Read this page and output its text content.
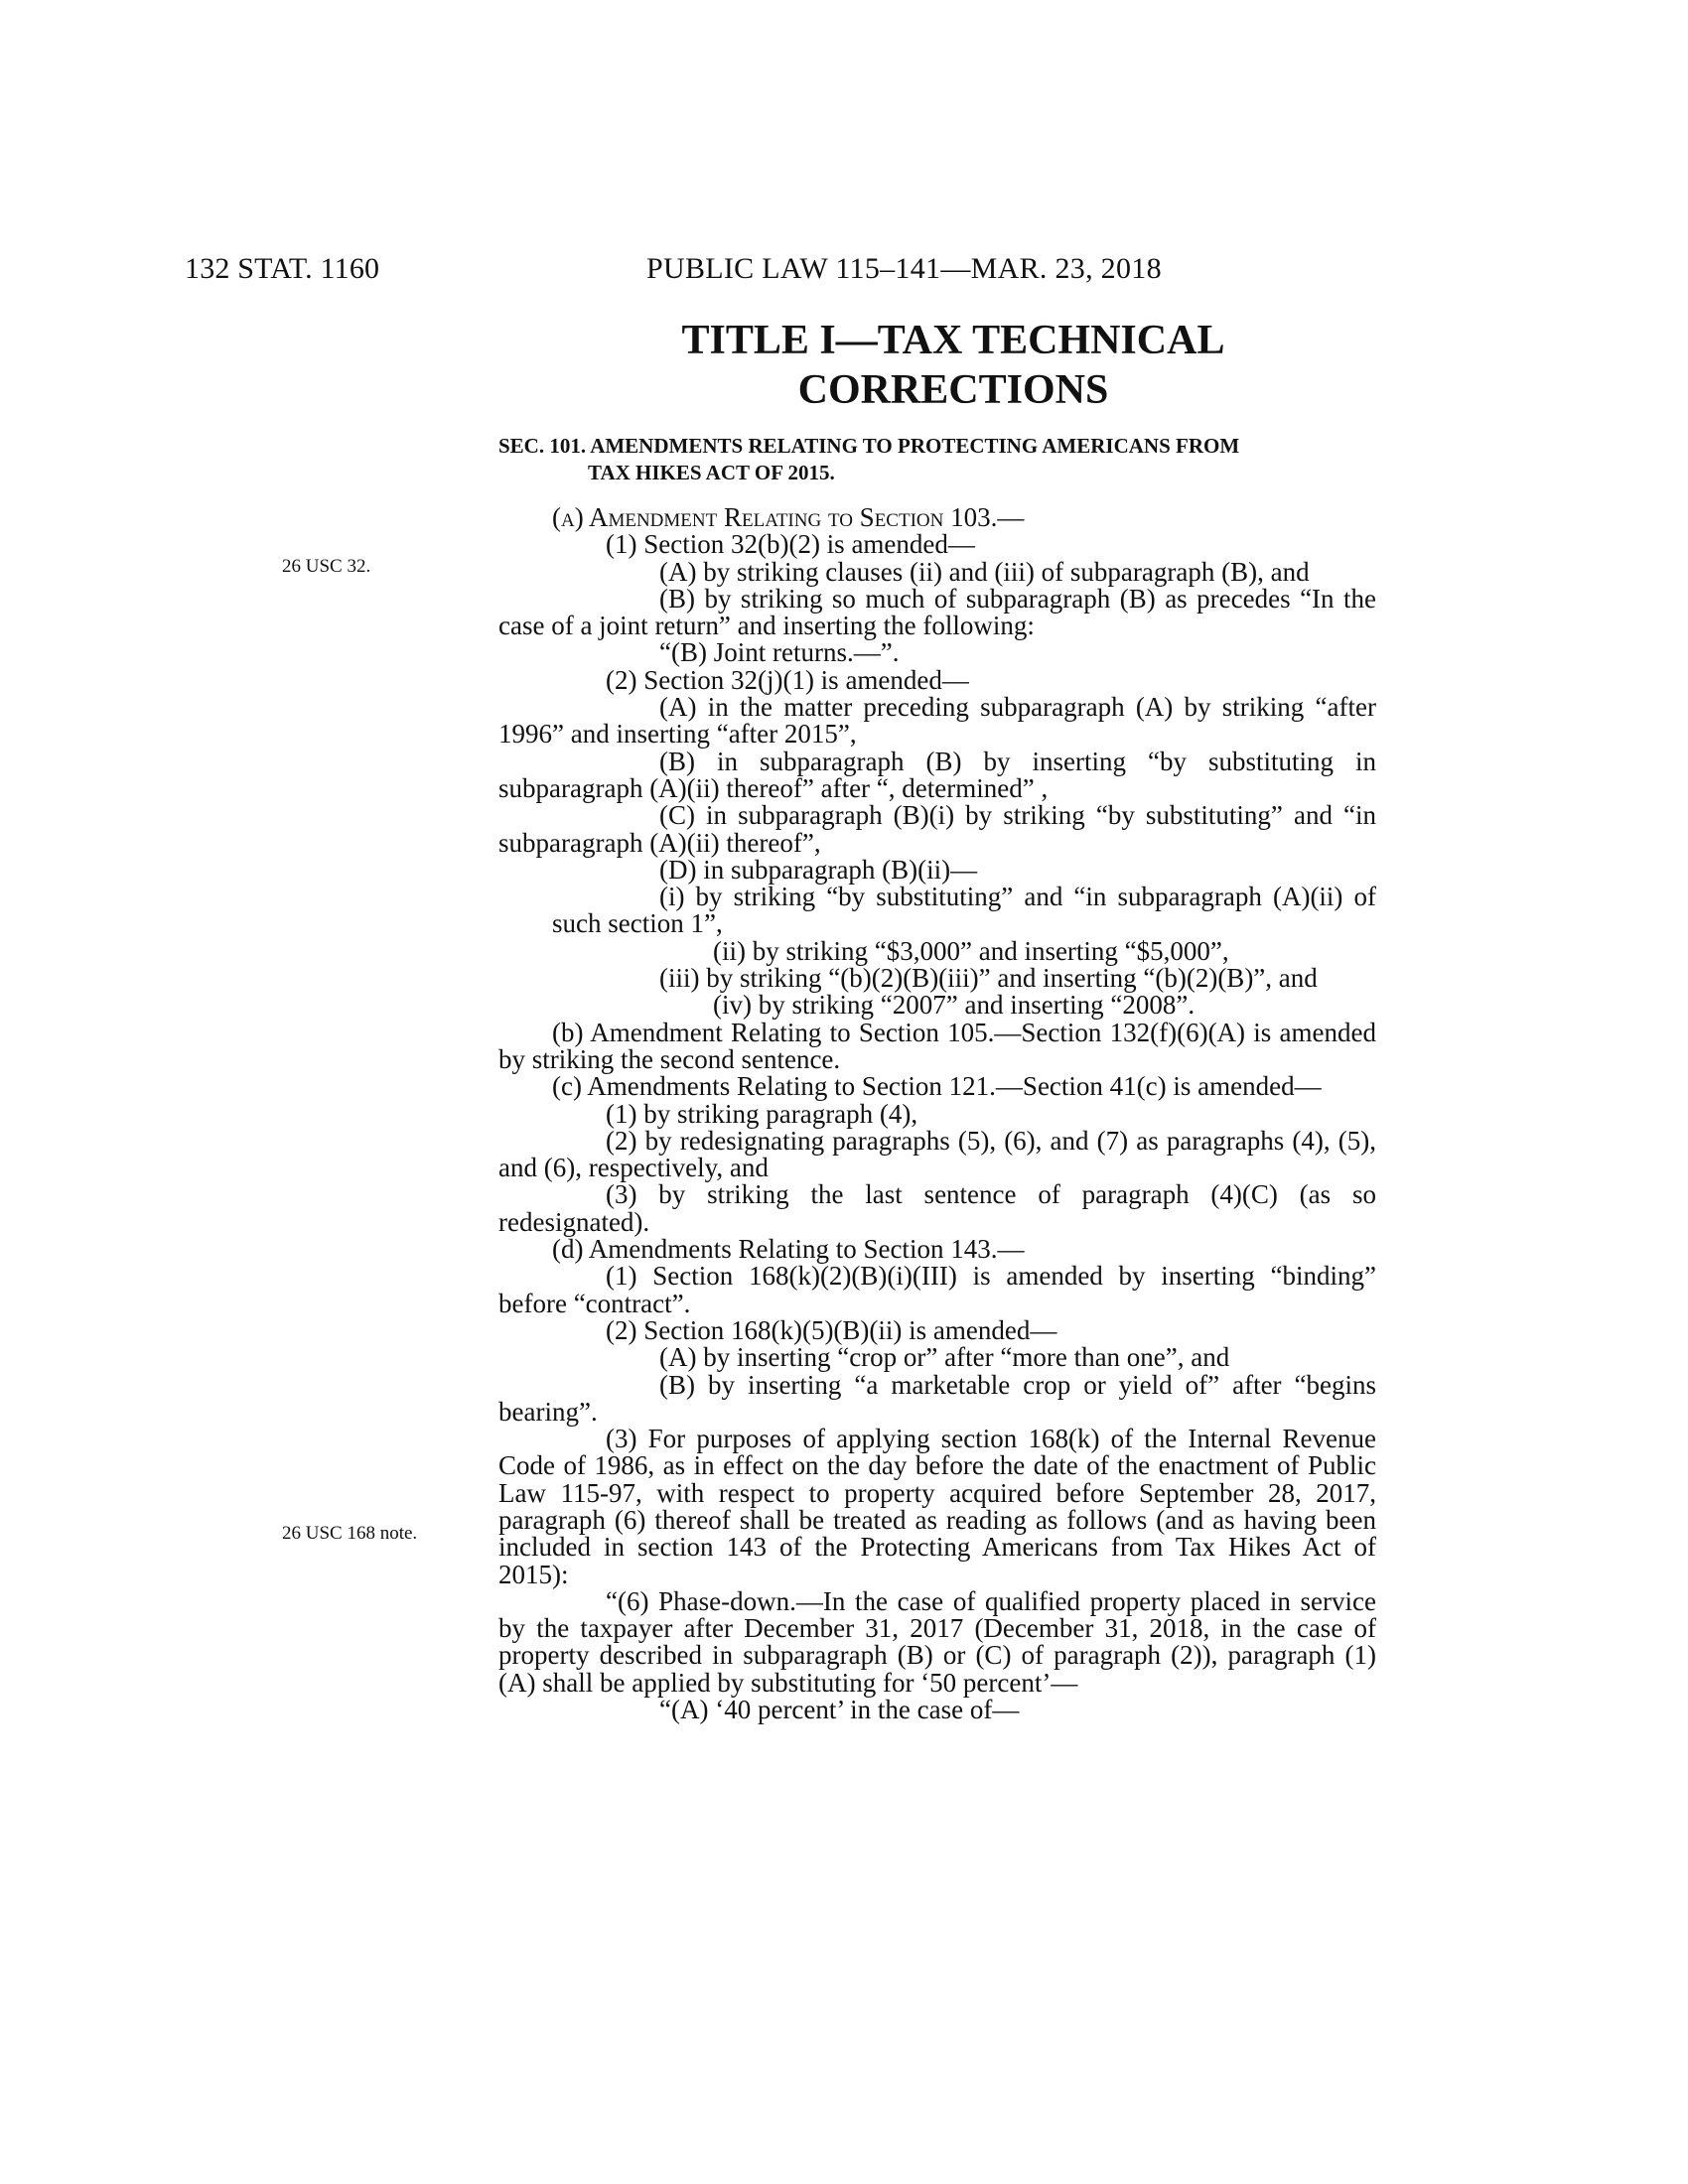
132 STAT. 1160	PUBLIC LAW 115–141—MAR. 23, 2018
TITLE I—TAX TECHNICAL
CORRECTIONS
SEC. 101. AMENDMENTS RELATING TO PROTECTING AMERICANS FROM
TAX HIKES ACT OF 2015.
26 USC 32.
26 USC 168 note.

(a) Amendment Relating to Section 103.—

(1) Section 32(b)(2) is amended—

(A) by striking clauses (ii) and (iii) of subparagraph (B), and

(B) by striking so much of subparagraph (B) as precedes “In the case of a joint return” and inserting the following:

“(B) Joint returns.—”.

(2) Section 32(j)(1) is amended—

(A) in the matter preceding subparagraph (A) by striking “after 1996” and inserting “after 2015”,

(B) in subparagraph (B) by inserting “by substituting in subparagraph (A)(ii) thereof” after “, determined” ,

(C) in subparagraph (B)(i) by striking “by substituting” and “in subparagraph (A)(ii) thereof”,

(D) in subparagraph (B)(ii)—

(i) by striking “by substituting” and “in subparagraph (A)(ii) of such section 1”,

(ii) by striking “$3,000” and inserting “$5,000”,

(iii) by striking “(b)(2)(B)(iii)” and inserting “(b)(2)(B)”, and

(iv) by striking “2007” and inserting “2008”.

(b) Amendment Relating to Section 105.—Section 132(f)(6)(A) is amended by striking the second sentence.

(c) Amendments Relating to Section 121.—Section 41(c) is amended—

(1) by striking paragraph (4),

(2) by redesignating paragraphs (5), (6), and (7) as paragraphs (4), (5), and (6), respectively, and

(3) by striking the last sentence of paragraph (4)(C) (as so redesignated).

(d) Amendments Relating to Section 143.—

(1) Section 168(k)(2)(B)(i)(III) is amended by inserting “binding” before “contract”.

(2) Section 168(k)(5)(B)(ii) is amended—

(A) by inserting “crop or” after “more than one”, and

(B) by inserting “a marketable crop or yield of” after “begins bearing”.

(3) For purposes of applying section 168(k) of the Internal Revenue Code of 1986, as in effect on the day before the date of the enactment of Public Law 115-97, with respect to property acquired before September 28, 2017, paragraph (6) thereof shall be treated as reading as follows (and as having been included in section 143 of the Protecting Americans from Tax Hikes Act of 2015):

“(6) Phase-down.—In the case of qualified property placed in service by the taxpayer after December 31, 2017 (December 31, 2018, in the case of property described in subparagraph (B) or (C) of paragraph (2)), paragraph (1)(A) shall be applied by substituting for ‘50 percent’—

“(A) ‘40 percent’ in the case of—
